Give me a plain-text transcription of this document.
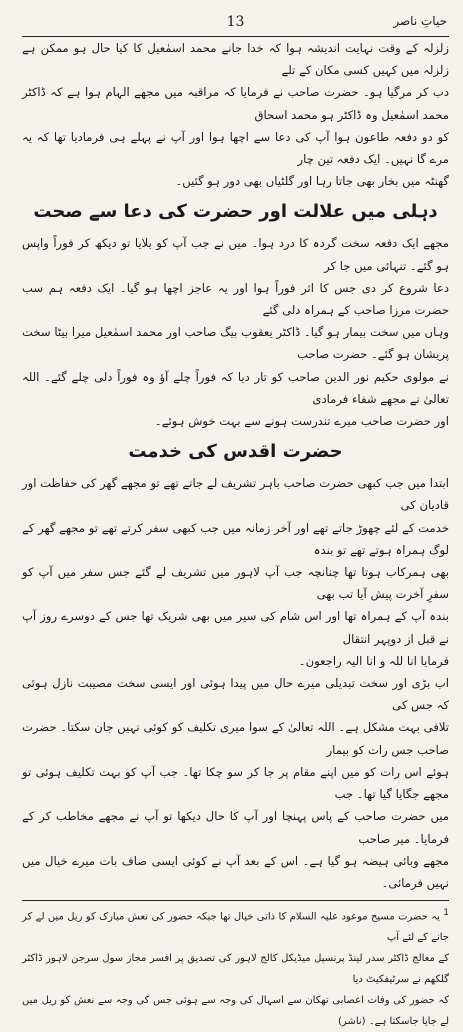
13	حیاتِ ناصر

زلزلہ کے وقت نہایت اندیشہ ہوا کہ خدا جانے محمد اسمٰعیل کا کیا حال ہو ممکن ہے زلزلہ میں کہیں کسی مکان کے تلے

دب کر مرگیا ہو۔ حضرت صاحب نے فرمایا کہ مراقبہ میں مجھے الہام ہوا ہے کہ ڈاکٹر محمد اسمٰعیل وہ ڈاکٹر ہو محمد اسحاق

کو دو دفعہ طاعون ہوا آپ کی دعا سے اچھا ہوا اور آپ نے پہلے ہی فرمادیا تھا کہ یہ مرے گا نہیں۔ ایک دفعہ تین چار

گھنٹہ میں بخار بھی جاتا رہا اور گلٹیاں بھی دور ہو گئیں۔

دہلی میں علالت اور حضرت کی دعا سے صحت

مجھے ایک دفعہ سخت گردہ کا درد ہوا۔ میں نے جب آپ کو بلایا تو دیکھ کر فوراً واپس ہو گئے۔ تنہائی میں جا کر

دعا شروع کر دی جس کا اثر فوراً ہوا اور یہ عاجز اچھا ہو گیا۔ ایک دفعہ ہم سب حضرت مرزا صاحب کے ہمراہ دلی گئے

وہاں میں سخت بیمار ہو گیا۔ ڈاکٹر یعقوب بیگ صاحب اور محمد اسمٰعیل میرا بیٹا سخت پریشان ہو گئے۔ حضرت صاحب

نے مولوی حکیم نور الدین صاحب کو تار دیا کہ فوراً چلے آؤ وہ فوراً دلی چلے گئے۔ اللہ تعالیٰ نے مجھے شفاء فرمادی

اور حضرت صاحب میرے تندرست ہونے سے بہت خوش ہوئے۔

حضرت اقدس کی خدمت

ابتدا میں جب کبھی حضرت صاحب باہر تشریف لے جاتے تھے تو مجھے گھر کی حفاظت اور قادیان کی

خدمت کے لئے چھوڑ جاتے تھے اور آخر زمانہ میں جب کبھی سفر کرتے تھے تو مجھے گھر کے لوگ ہمراہ ہوتے تھے تو بندہ

بھی ہمرکاب ہوتا تھا چنانچہ جب آپ لاہور میں تشریف لے گئے جس سفر میں آپ کو سفرِ آخرت پیش آیا تب بھی

بندہ آپ کے ہمراہ تھا اور اس شام کی سیر میں بھی شریک تھا جس کے دوسرے روز آپ نے قبل از دوپہر انتقال

فرمایا انا للہ و انا الیہ راجعون۔

اب بڑی اور سخت تبدیلی میرے حال میں پیدا ہوئی اور ایسی سخت مصیبت نازل ہوئی کہ جس کی

تلافی بہت مشکل ہے۔ اللہ تعالیٰ کے سوا میری تکلیف کو کوئی نہیں جان سکتا۔ حضرت صاحب جس رات کو بیمار

ہوئے اس رات کو میں اپنے مقام پر جا کر سو چکا تھا۔ جب آپ کو بہت تکلیف ہوئی تو مجھے جگایا گیا تھا۔ جب

میں حضرت صاحب کے پاس پہنچا اور آپ کا حال دیکھا تو آپ نے مجھے مخاطب کر کے فرمایا۔ میر صاحب

مجھے وبائی ہیضہ ہو گیا ہے۔ اس کے بعد آپ نے کوئی ایسی صاف بات میرے خیال میں نہیں فرمائی۔

1 یہ حضرت مسیح موعود علیہ السلام کا ذاتی خیال تھا جبکہ حضور کی نعش مبارک کو ریل میں لے کر جانے کے لئے آپ

کے معالج ڈاکٹر سدر لینڈ پرنسپل میڈیکل کالج لاہور کی تصدیق پر افسر مجاز سول سرجن لاہور ڈاکٹر گلکھم نے سرٹیفکیٹ دیا

کہ حضور کی وفات اعصابی تھکان سے اسہال کی وجہ سے ہوئی جس کی وجہ سے نعش کو ریل میں لے جایا جاسکتا ہے۔ (ناشر)
